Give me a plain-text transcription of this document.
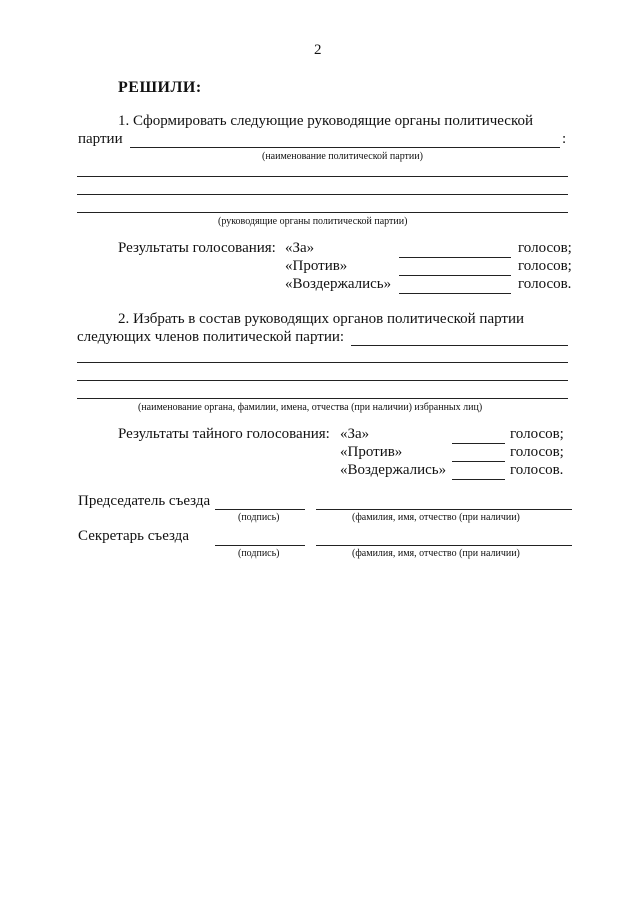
2
РЕШИЛИ:
1. Сформировать следующие руководящие органы политической
партии	:
(наименование политической партии)
(руководящие органы политической партии)
Результаты голосования: «За»	голосов;
«Против»	голосов;
«Воздержались»	голосов.
2. Избрать в состав руководящих органов политической партии
следующих членов политической партии:
(наименование органа, фамилии, имена, отчества (при наличии) избранных лиц)
Результаты тайного голосования: «За»	голосов;
«Против»	голосов;
«Воздержались»	голосов.
Председатель съезда
(подпись)	(фамилия, имя, отчество (при наличии)
Секретарь съезда
(подпись)	(фамилия, имя, отчество (при наличии)
